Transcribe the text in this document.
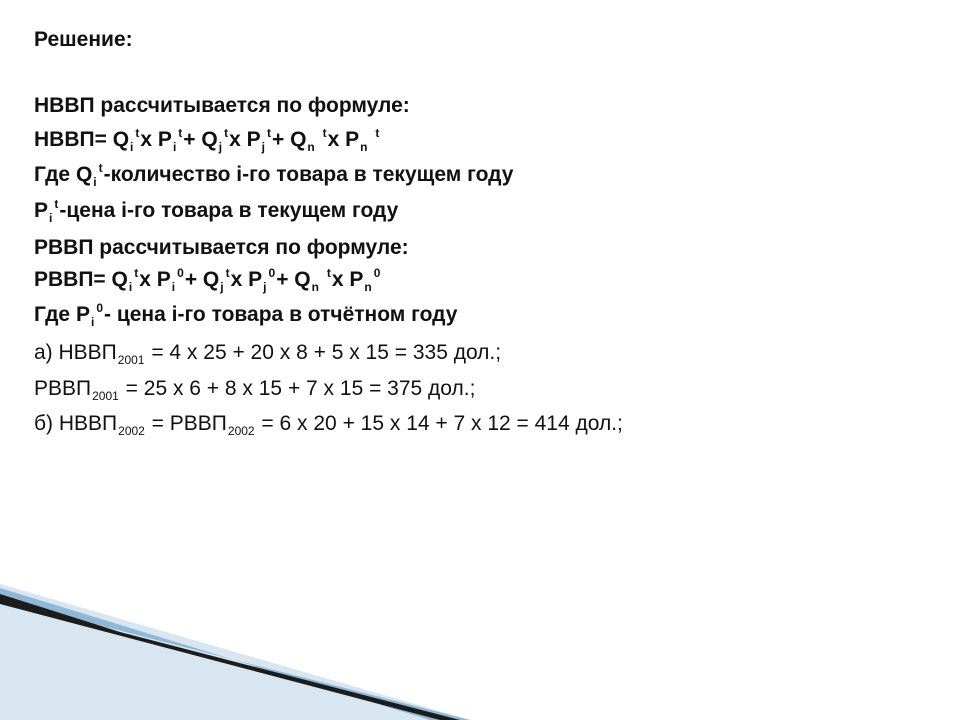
Решение:
НВВП рассчитывается по формуле:
НВВП= $Q_i^tх$ $P_i^t+ Q_j^tх$ $P_j^t+ Q_n$ $^t$х $P_n$ $^t$
Где $Q_i^t$-количество i-го товара в текущем году
$P_i^t$-цена i-го товара в текущем году
РВВП рассчитывается по формуле:
РВВП= $Q_i^tх$ $P_i^0+ Q_j^tх$ $P_j^0+ Q_n$ $^t$х $P_n^0$
Где $P_i^0-$ цена i-го товара в отчётном году
а) $НВВП_{2001} = 4$ х 25 + 20 х 8 + 5 х 15 = 335 дол.;
$РВВП_{2001} = 25$ х 6 + 8 х 15 + 7 х 15 = 375 дол.;
б) $НВВП_{2002}$ = $РВВП_{2002} = 6$ х 20 + 15 х 14 + 7 х 12 = 414 дол.;
